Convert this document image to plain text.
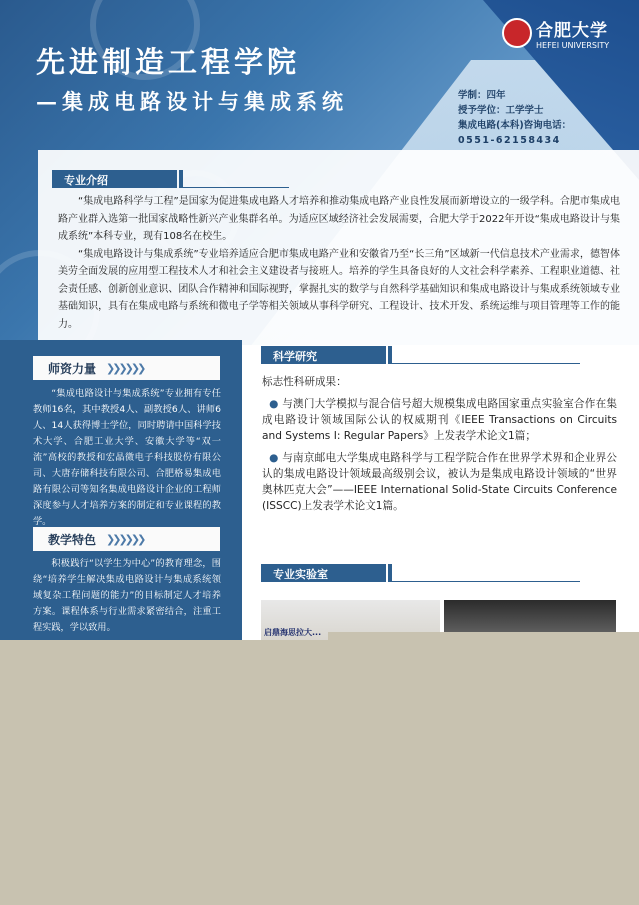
先进制造工程学院
—集成电路设计与集成系统
合肥大学
HEFEI UNIVERSITY
学制：四年
授予学位：工学学士
集成电路(本科)咨询电话：
0551-62158434
专业介绍

“集成电路科学与工程”是国家为促进集成电路人才培养和推动集成电路产业良性发展而新增设立的一级学科。合肥市集成电路产业群入选第一批国家战略性新兴产业集群名单。为适应区域经济社会发展需要，合肥大学于2022年开设“集成电路设计与集成系统”本科专业，现有108名在校生。

“集成电路设计与集成系统”专业培养适应合肥市集成电路产业和安徽省乃至“长三角”区域新一代信息技术产业需求，德智体美劳全面发展的应用型工程技术人才和社会主义建设者与接班人。培养的学生具备良好的人文社会科学素养、工程职业道德、社会责任感、创新创业意识、团队合作精神和国际视野，掌握扎实的数学与自然科学基础知识和集成电路设计与集成系统领域专业基础知识，具有在集成电路与系统和微电子学等相关领域从事科学研究、工程设计、技术开发、系统运维与项目管理等工作的能力。

师资力量 ❯❯❯❯❯❯
“集成电路设计与集成系统”专业拥有专任教师16名，其中教授4人、副教授6人、讲师6人、14人获得博士学位，同时聘请中国科学技术大学、合肥工业大学、安徽大学等“双一流”高校的教授和宏晶微电子科技股份有限公司、大唐存储科技有限公司、合肥格易集成电路有限公司等知名集成电路设计企业的工程师深度参与人才培养方案的制定和专业课程的教学。
教学特色 ❯❯❯❯❯❯
积极践行“以学生为中心”的教育理念，围绕“培养学生解决集成电路设计与集成系统领域复杂工程问题的能力”的目标制定人才培养方案。课程体系与行业需求紧密结合，注重工程实践，学以致用。
科学研究

标志性科研成果：

● 与澳门大学模拟与混合信号超大规模集成电路国家重点实验室合作在集成电路设计领域国际公认的权威期刊《IEEE Transactions on Circuits and Systems I: Regular Papers》上发表学术论文1篇；

● 与南京邮电大学集成电路科学与工程学院合作在世界学术界和企业界公认的集成电路设计领域最高级别会议，被认为是集成电路设计领域的“世界奥林匹克大会”——IEEE International Solid-State Circuits Conference (ISSCC)上发表学术论文1篇。

专业实验室
启鼎海思拉大...
